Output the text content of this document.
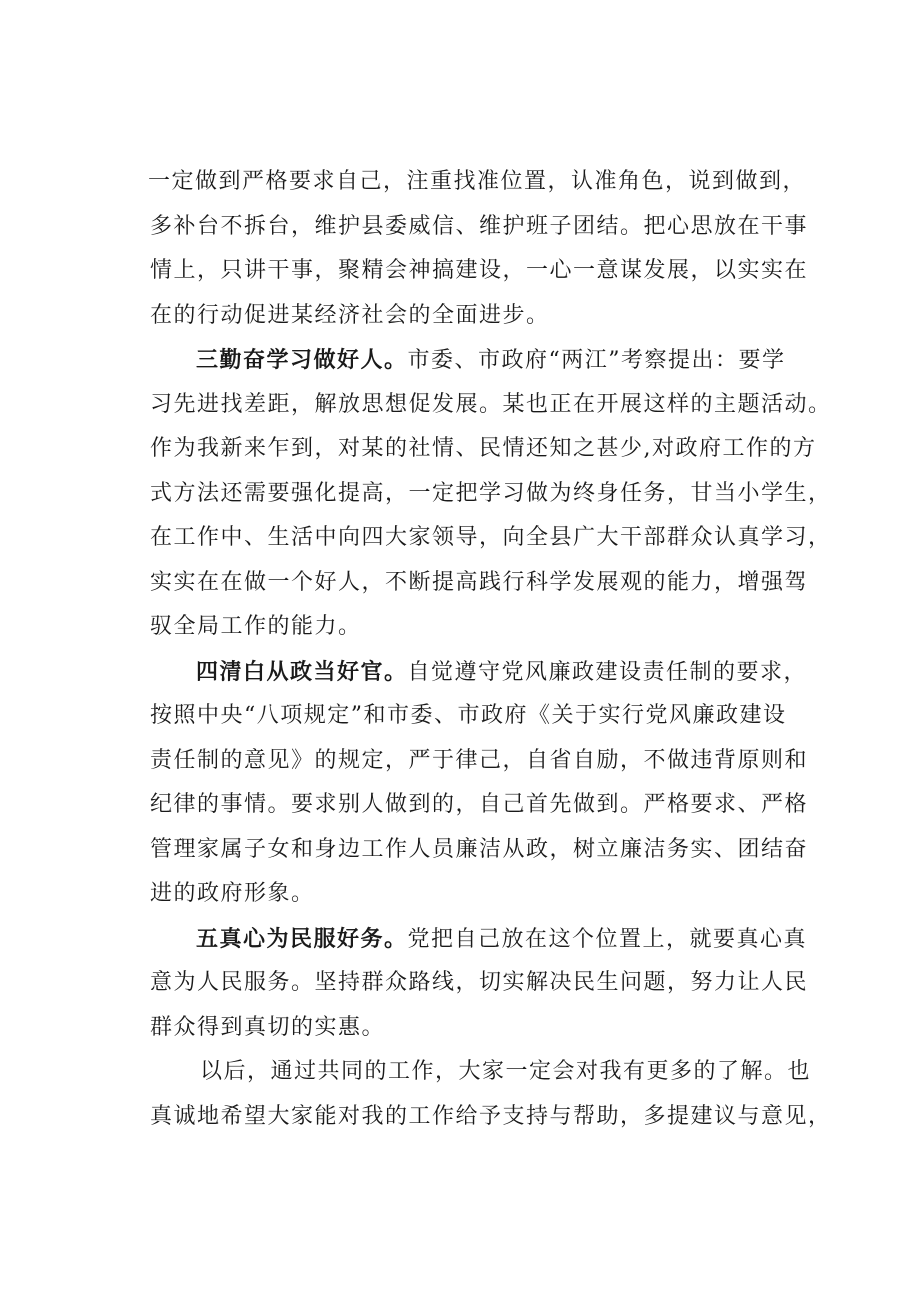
一定做到严格要求自己，注重找准位置，认准角色，说到做到，
多补台不拆台，维护县委威信、维护班子团结。把心思放在干事
情上，只讲干事，聚精会神搞建设，一心一意谋发展，以实实在
在的行动促进某经济社会的全面进步。
三勤奋学习做好人。市委、市政府“两江”考察提出：要学
习先进找差距，解放思想促发展。某也正在开展这样的主题活动。
作为我新来乍到，对某的社情、民情还知之甚少,对政府工作的方
式方法还需要强化提高，一定把学习做为终身任务，甘当小学生，
在工作中、生活中向四大家领导，向全县广大干部群众认真学习，
实实在在做一个好人，不断提高践行科学发展观的能力，增强驾
驭全局工作的能力。
四清白从政当好官。自觉遵守党风廉政建设责任制的要求，
按照中央“八项规定”和市委、市政府《关于实行党风廉政建设
责任制的意见》的规定，严于律己，自省自励，不做违背原则和
纪律的事情。要求别人做到的，自己首先做到。严格要求、严格
管理家属子女和身边工作人员廉洁从政，树立廉洁务实、团结奋
进的政府形象。
五真心为民服好务。党把自己放在这个位置上，就要真心真
意为人民服务。坚持群众路线，切实解决民生问题，努力让人民
群众得到真切的实惠。
以后，通过共同的工作，大家一定会对我有更多的了解。也
真诚地希望大家能对我的工作给予支持与帮助，多提建议与意见，
